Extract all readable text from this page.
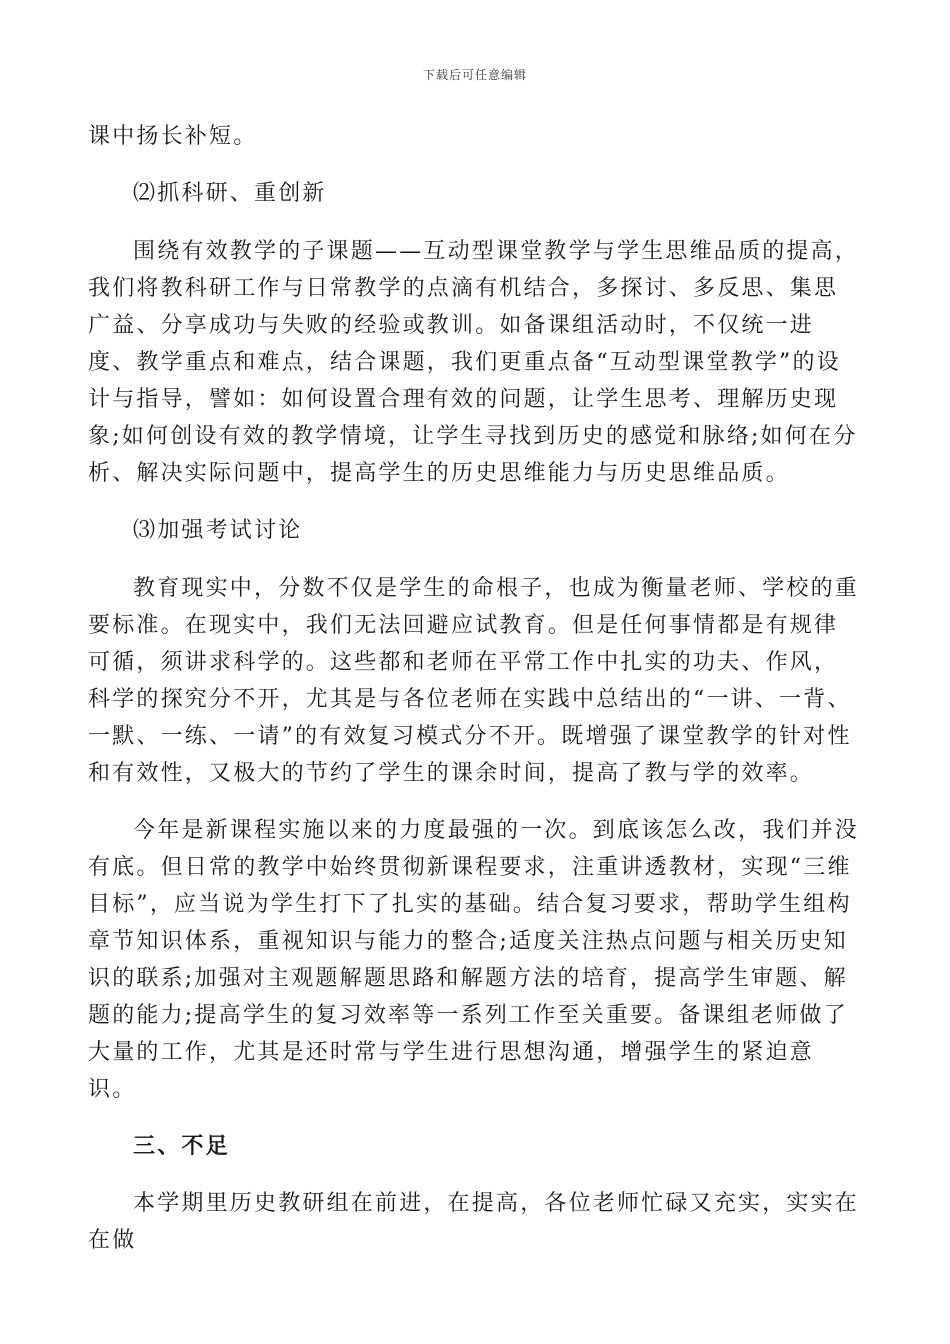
下载后可任意编辑

课中扬长补短。

⑵抓科研、重创新

围绕有效教学的子课题——互动型课堂教学与学生思维品质的提高，我们将教科研工作与日常教学的点滴有机结合，多探讨、多反思、集思广益、分享成功与失败的经验或教训。如备课组活动时，不仅统一进度、教学重点和难点，结合课题，我们更重点备“互动型课堂教学”的设计与指导，譬如：如何设置合理有效的问题，让学生思考、理解历史现象;如何创设有效的教学情境，让学生寻找到历史的感觉和脉络;如何在分析、解决实际问题中，提高学生的历史思维能力与历史思维品质。

⑶加强考试讨论

教育现实中，分数不仅是学生的命根子，也成为衡量老师、学校的重要标准。在现实中，我们无法回避应试教育。但是任何事情都是有规律可循，须讲求科学的。这些都和老师在平常工作中扎实的功夫、作风，科学的探究分不开，尤其是与各位老师在实践中总结出的“一讲、一背、一默、一练、一请”的有效复习模式分不开。既增强了课堂教学的针对性和有效性，又极大的节约了学生的课余时间，提高了教与学的效率。

今年是新课程实施以来的力度最强的一次。到底该怎么改，我们并没有底。但日常的教学中始终贯彻新课程要求，注重讲透教材，实现“三维目标”，应当说为学生打下了扎实的基础。结合复习要求，帮助学生组构章节知识体系，重视知识与能力的整合;适度关注热点问题与相关历史知识的联系;加强对主观题解题思路和解题方法的培育，提高学生审题、解题的能力;提高学生的复习效率等一系列工作至关重要。备课组老师做了大量的工作，尤其是还时常与学生进行思想沟通，增强学生的紧迫意识。

三、不足

本学期里历史教研组在前进，在提高，各位老师忙碌又充实，实实在在做
